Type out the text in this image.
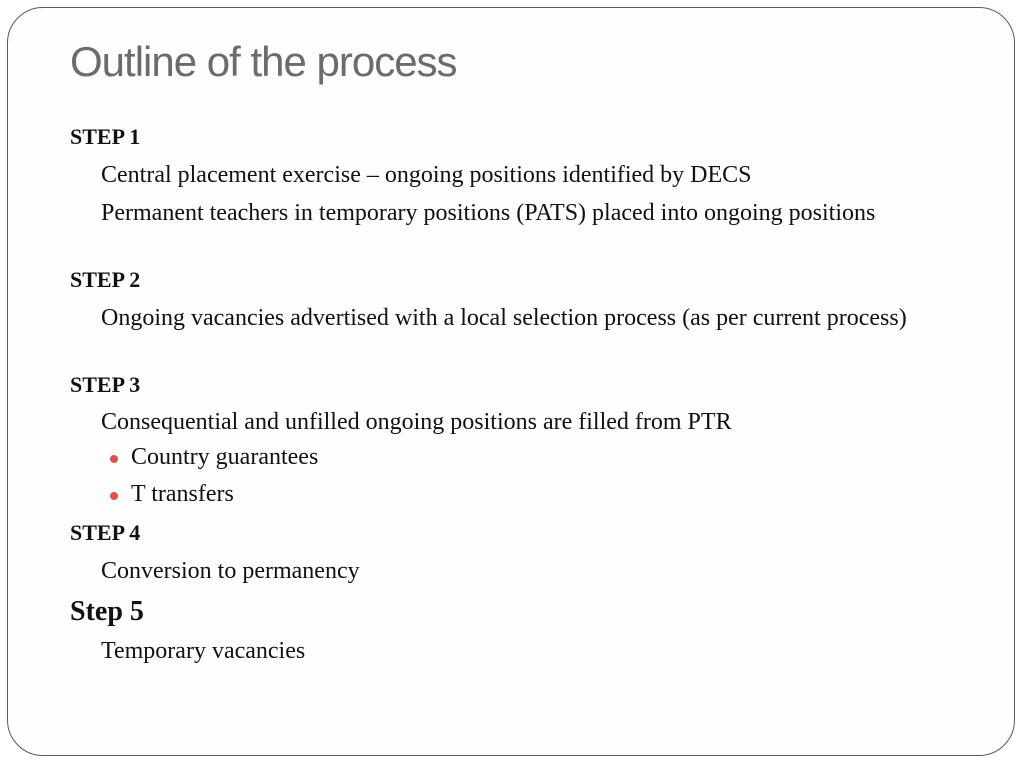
Outline of the process
STEP 1
Central placement exercise – ongoing positions identified by DECS
Permanent teachers in temporary positions (PATS) placed into ongoing positions
STEP 2
Ongoing vacancies advertised with a local selection process (as per current process)
STEP 3
Consequential and unfilled ongoing positions are filled from PTR
Country guarantees
T transfers
STEP 4
Conversion to permanency
Step 5
Temporary vacancies
